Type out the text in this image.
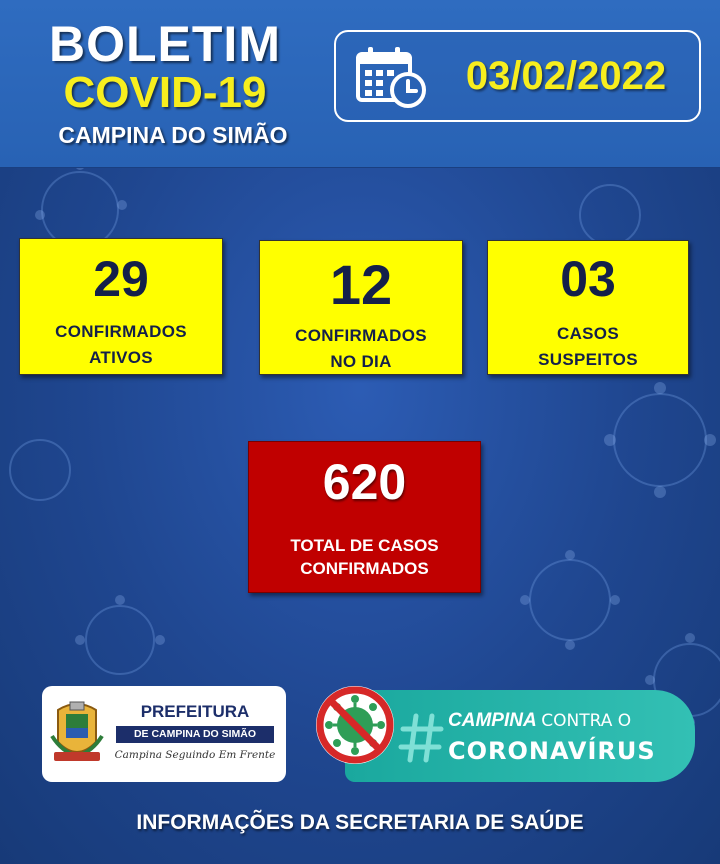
BOLETIM
COVID-19
CAMPINA DO SIMÃO
03/02/2022
29
CONFIRMADOS
ATIVOS
12
CONFIRMADOS
NO DIA
03
CASOS
SUSPEITOS
620
TOTAL DE CASOS
CONFIRMADOS
PREFEITURA
DE CAMPINA DO SIMÃO
Campina Seguindo Em Frente
CAMPINA CONTRA O
CORONAVÍRUS
INFORMAÇÕES DA SECRETARIA DE SAÚDE
